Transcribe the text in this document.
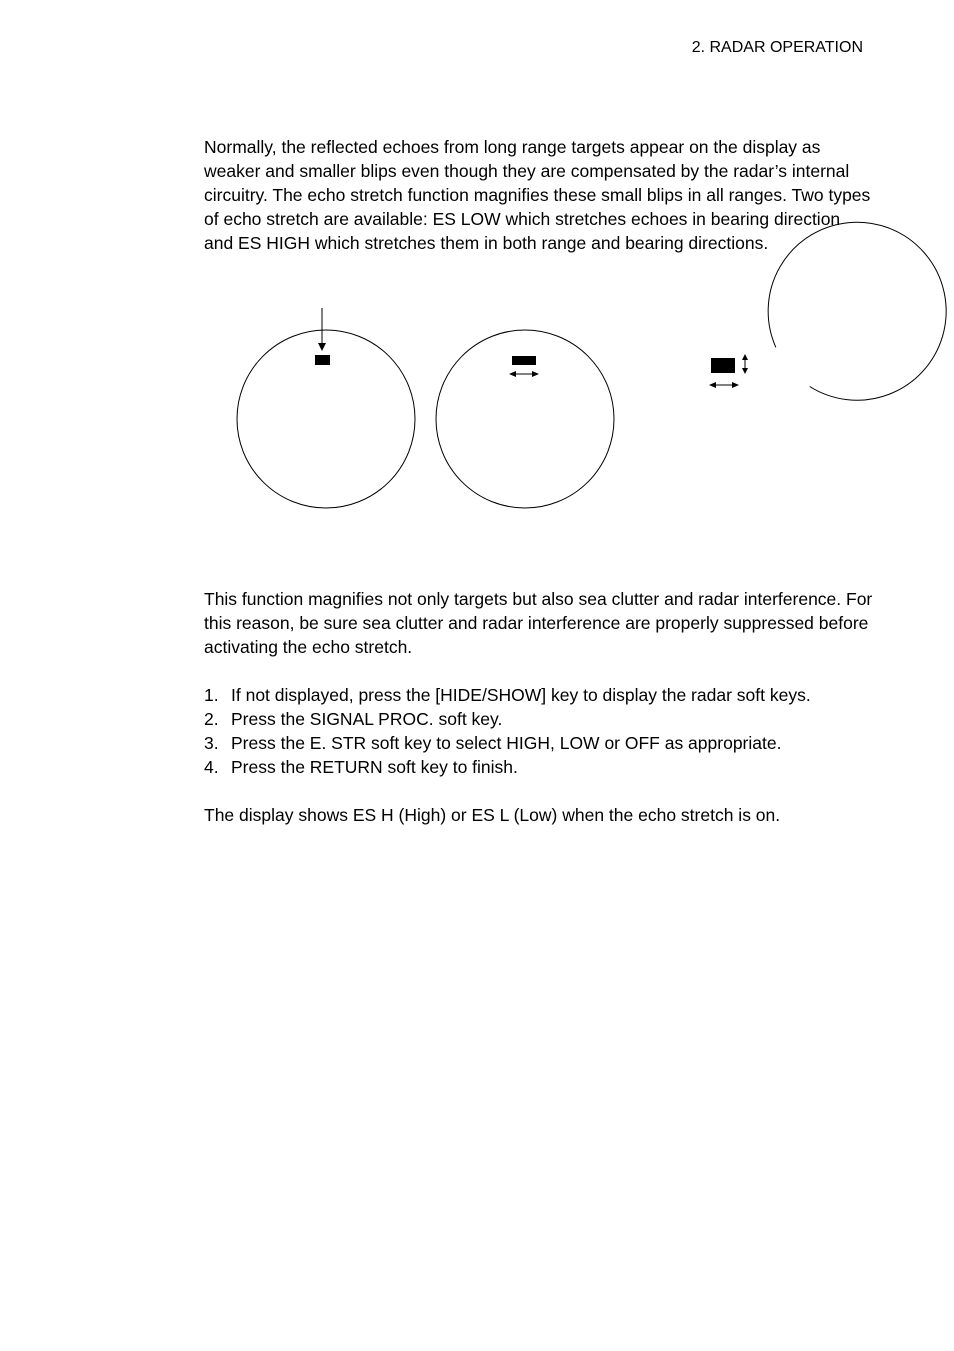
2. RADAR OPERATION

Normally, the reflected echoes from long range targets appear on the display as weaker and smaller blips even though they are compensated by the radar’s internal circuitry. The echo stretch function magnifies these small blips in all ranges. Two types of echo stretch are available: ES LOW which stretches echoes in bearing direction and ES HIGH which stretches them in both range and bearing directions.

This function magnifies not only targets but also sea clutter and radar interference. For this reason, be sure sea clutter and radar interference are properly suppressed before activating the echo stretch.

1. If not displayed, press the [HIDE/SHOW] key to display the radar soft keys.
2. Press the SIGNAL PROC. soft key.
3. Press the E. STR soft key to select HIGH, LOW or OFF as appropriate.
4. Press the RETURN soft key to finish.

The display shows ES H (High) or ES L (Low) when the echo stretch is on.
